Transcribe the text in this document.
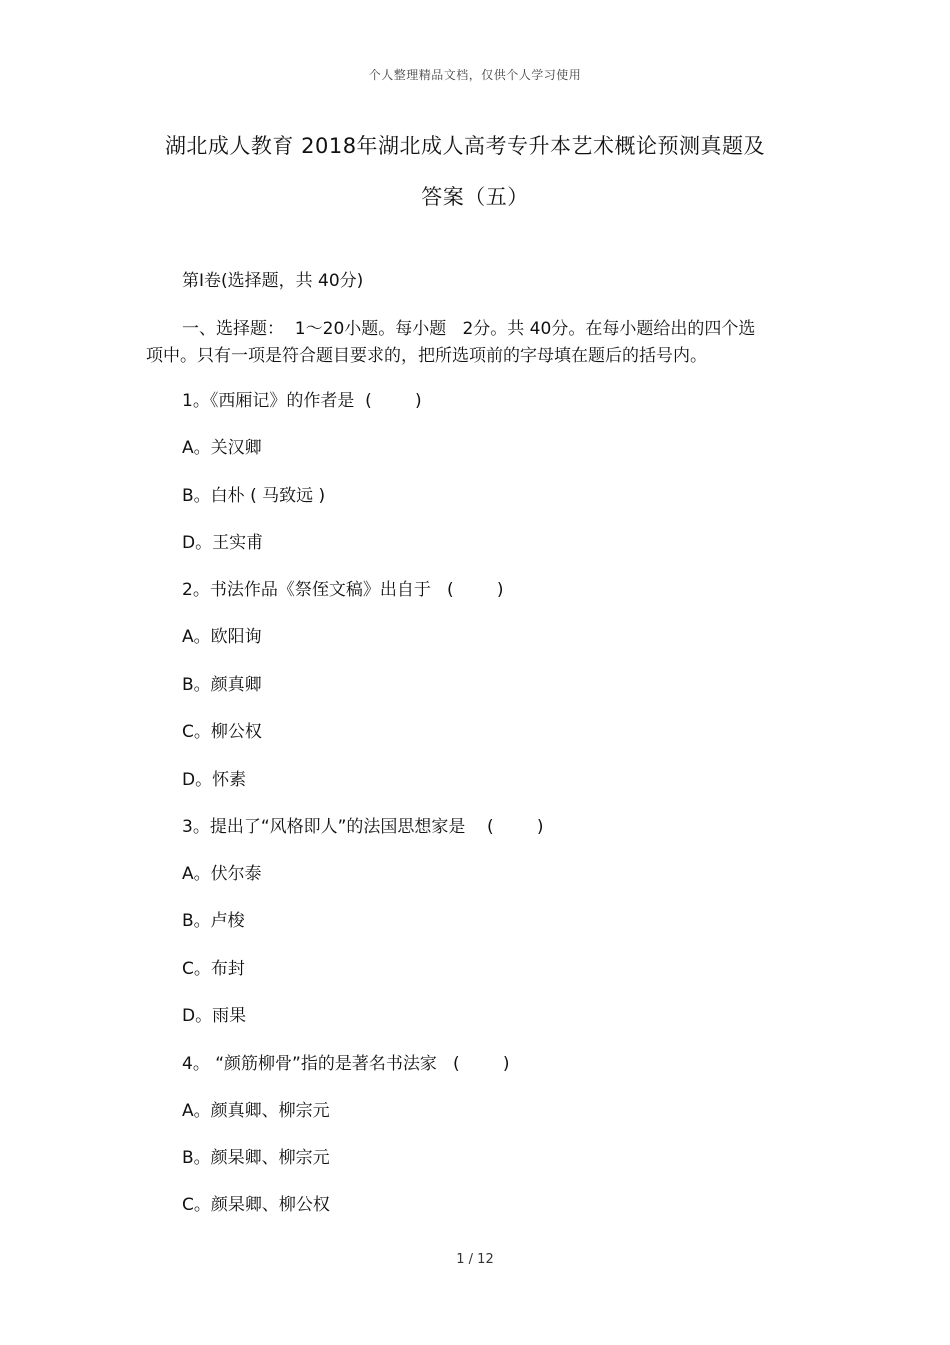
个人整理精品文档，仅供个人学习使用
湖北成人教育 2018年湖北成人高考专升本艺术概论预测真题及
答案（五）
第Ⅰ卷(选择题，共 40分)
一、选择题：  1～20小题。每小题   2分。共 40分。在每小题给出的四个选
项中。只有一项是符合题目要求的，把所选项前的字母填在题后的括号内。
1。《西厢记》的作者是  (        )
A。关汉卿
B。白朴 ( 马致远 )
D。王实甫
2。书法作品《祭侄文稿》出自于   (        )
A。欧阳询
B。颜真卿
C。柳公权
D。怀素
3。提出了“风格即人”的法国思想家是    (        )
A。伏尔泰
B。卢梭
C。布封
D。雨果
4。 “颜筋柳骨”指的是著名书法家   (        )
A。颜真卿、柳宗元
B。颜杲卿、柳宗元
C。颜杲卿、柳公权
1 / 12
